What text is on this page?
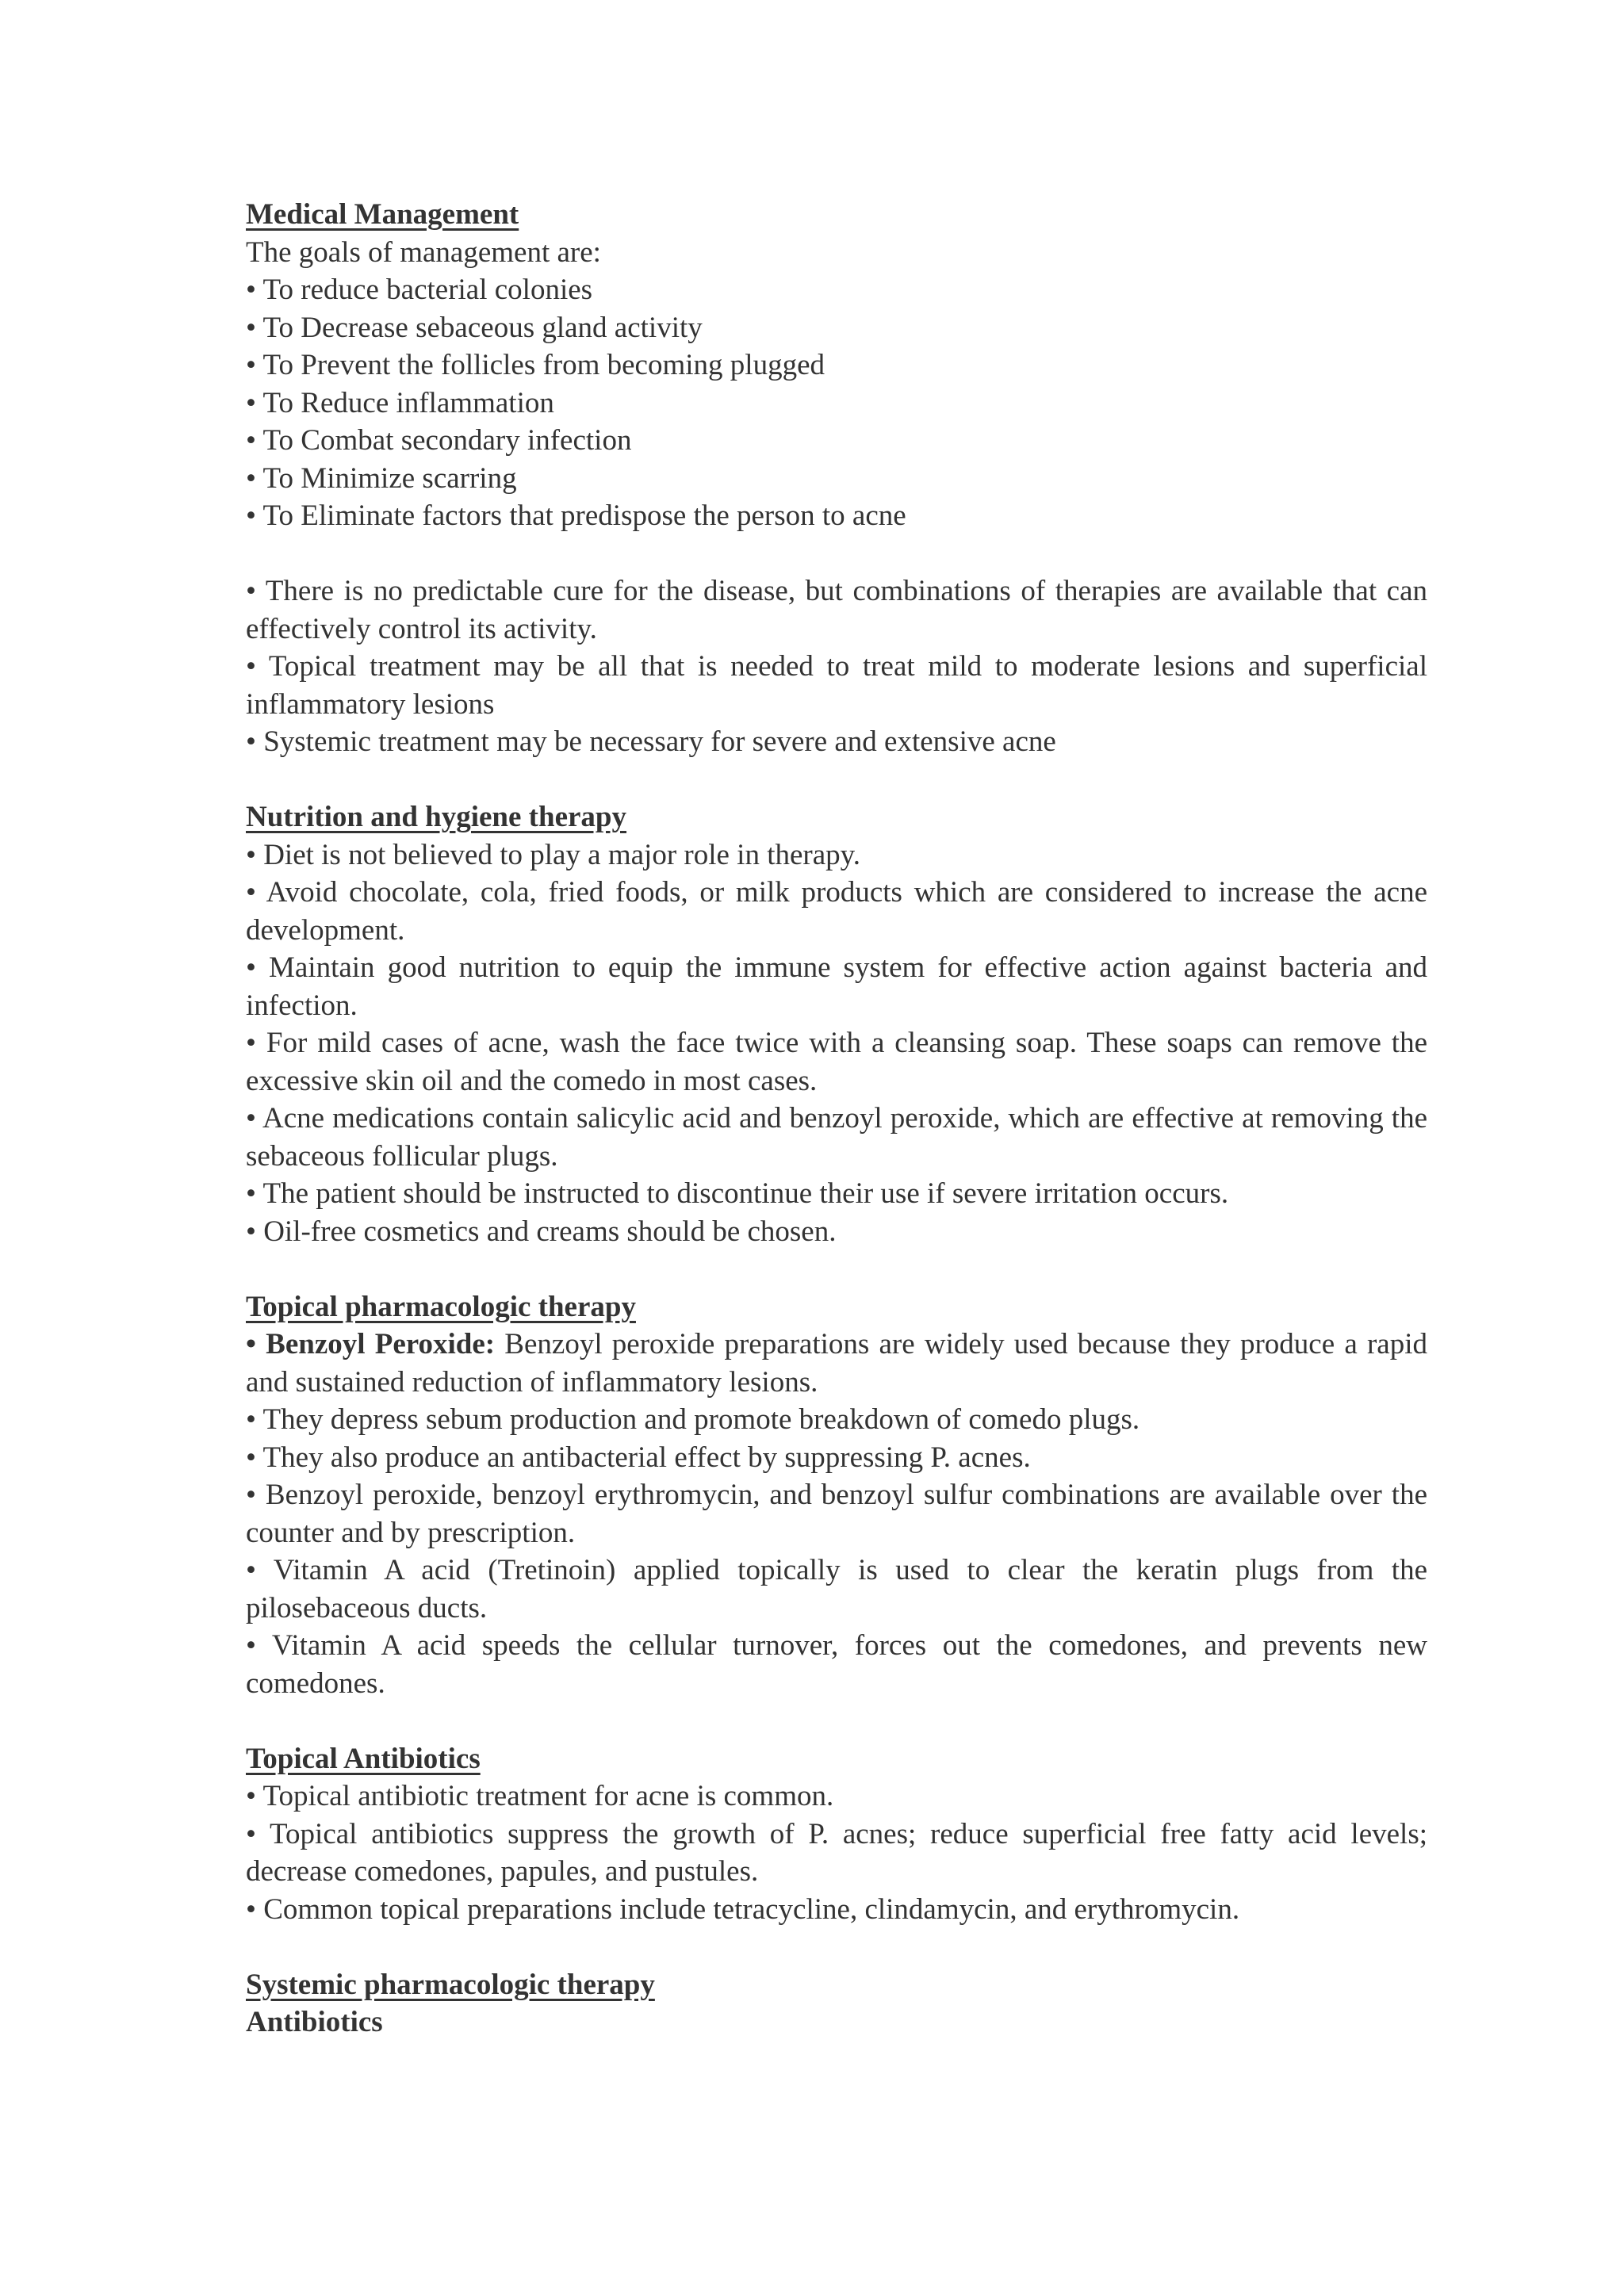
Medical Management

The goals of management are:

• To reduce bacterial colonies

• To Decrease sebaceous gland activity

• To Prevent the follicles from becoming plugged

• To Reduce inflammation

• To Combat secondary infection

• To Minimize scarring

• To Eliminate factors that predispose the person to acne

• There is no predictable cure for the disease, but combinations of therapies are available that can effectively control its activity.

• Topical treatment may be all that is needed to treat mild to moderate lesions and superficial inflammatory lesions

• Systemic treatment may be necessary for severe and extensive acne

Nutrition and hygiene therapy

• Diet is not believed to play a major role in therapy.

• Avoid chocolate, cola, fried foods, or milk products which are considered to increase the acne development.

• Maintain good nutrition to equip the immune system for effective action against bacteria and infection.

• For mild cases of acne, wash the face twice with a cleansing soap. These soaps can remove the excessive skin oil and the comedo in most cases.

• Acne medications contain salicylic acid and benzoyl peroxide, which are effective at removing the sebaceous follicular plugs.

• The patient should be instructed to discontinue their use if severe irritation occurs.

• Oil-free cosmetics and creams should be chosen.

Topical pharmacologic therapy

• Benzoyl Peroxide: Benzoyl peroxide preparations are widely used because they produce a rapid and sustained reduction of inflammatory lesions.

• They depress sebum production and promote breakdown of comedo plugs.

• They also produce an antibacterial effect by suppressing P. acnes.

• Benzoyl peroxide, benzoyl erythromycin, and benzoyl sulfur combinations are available over the counter and by prescription.

• Vitamin A acid (Tretinoin) applied topically is used to clear the keratin plugs from the pilosebaceous ducts.

• Vitamin A acid speeds the cellular turnover, forces out the comedones, and prevents new comedones.

Topical Antibiotics

• Topical antibiotic treatment for acne is common.

• Topical antibiotics suppress the growth of P. acnes; reduce superficial free fatty acid levels; decrease comedones, papules, and pustules.

• Common topical preparations include tetracycline, clindamycin, and erythromycin.

Systemic pharmacologic therapy

Antibiotics
